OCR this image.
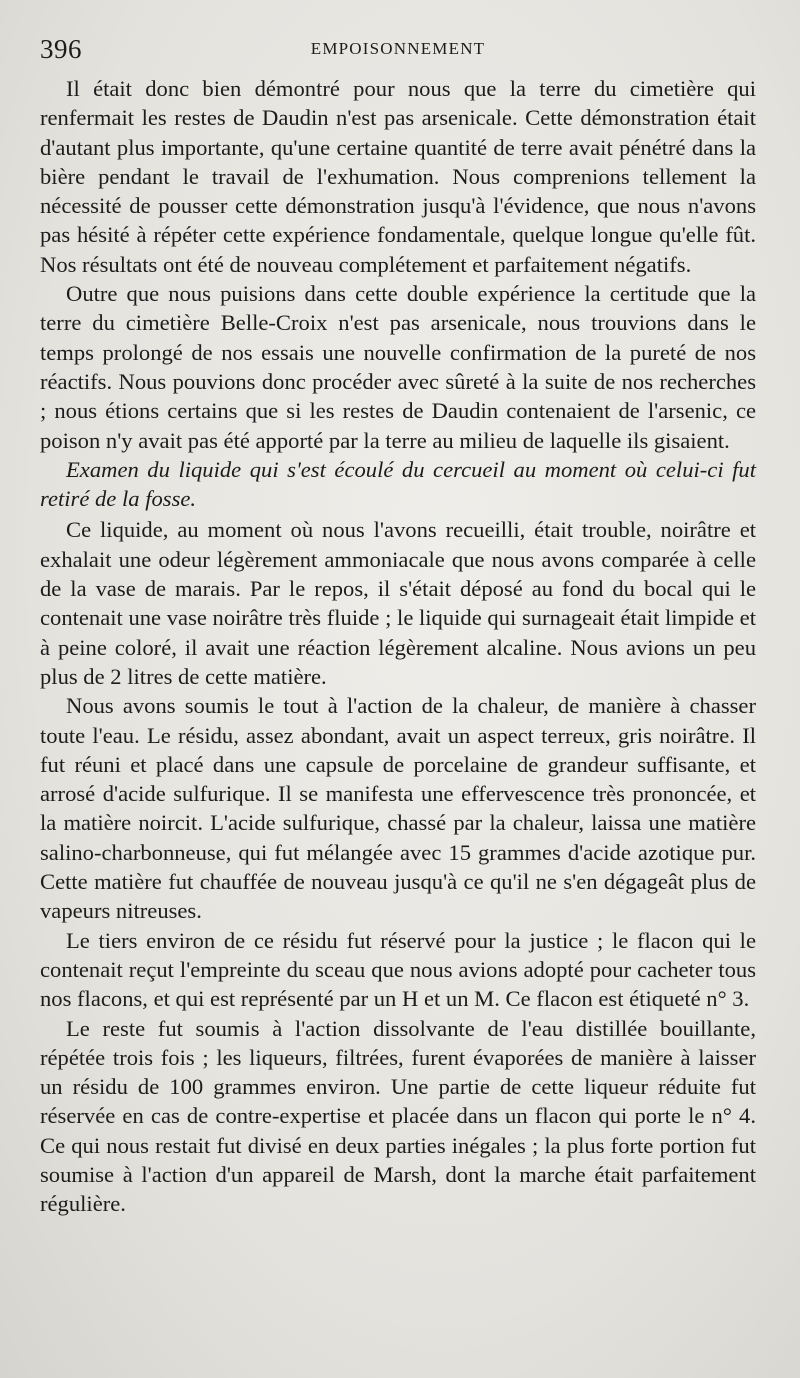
396	EMPOISONNEMENT

Il était donc bien démontré pour nous que la terre du cimetière qui renfermait les restes de Daudin n'est pas arsenicale. Cette démonstration était d'autant plus importante, qu'une certaine quantité de terre avait pénétré dans la bière pendant le travail de l'exhumation. Nous comprenions tellement la nécessité de pousser cette démonstration jusqu'à l'évidence, que nous n'avons pas hésité à répéter cette expérience fondamentale, quelque longue qu'elle fût. Nos résultats ont été de nouveau complétement et parfaitement négatifs.

Outre que nous puisions dans cette double expérience la certitude que la terre du cimetière Belle-Croix n'est pas arsenicale, nous trouvions dans le temps prolongé de nos essais une nouvelle confirmation de la pureté de nos réactifs. Nous pouvions donc procéder avec sûreté à la suite de nos recherches ; nous étions certains que si les restes de Daudin contenaient de l'arsenic, ce poison n'y avait pas été apporté par la terre au milieu de laquelle ils gisaient.

Examen du liquide qui s'est écoulé du cercueil au moment où celui-ci fut retiré de la fosse.

Ce liquide, au moment où nous l'avons recueilli, était trouble, noirâtre et exhalait une odeur légèrement ammoniacale que nous avons comparée à celle de la vase de marais. Par le repos, il s'était déposé au fond du bocal qui le contenait une vase noirâtre très fluide ; le liquide qui surnageait était limpide et à peine coloré, il avait une réaction légèrement alcaline. Nous avions un peu plus de 2 litres de cette matière.

Nous avons soumis le tout à l'action de la chaleur, de manière à chasser toute l'eau. Le résidu, assez abondant, avait un aspect terreux, gris noirâtre. Il fut réuni et placé dans une capsule de porcelaine de grandeur suffisante, et arrosé d'acide sulfurique. Il se manifesta une effervescence très prononcée, et la matière noircit. L'acide sulfurique, chassé par la chaleur, laissa une matière salino-charbonneuse, qui fut mélangée avec 15 grammes d'acide azotique pur. Cette matière fut chauffée de nouveau jusqu'à ce qu'il ne s'en dégageât plus de vapeurs nitreuses.

Le tiers environ de ce résidu fut réservé pour la justice ; le flacon qui le contenait reçut l'empreinte du sceau que nous avions adopté pour cacheter tous nos flacons, et qui est représenté par un H et un M. Ce flacon est étiqueté n° 3.

Le reste fut soumis à l'action dissolvante de l'eau distillée bouillante, répétée trois fois ; les liqueurs, filtrées, furent évaporées de manière à laisser un résidu de 100 grammes environ. Une partie de cette liqueur réduite fut réservée en cas de contre-expertise et placée dans un flacon qui porte le n° 4. Ce qui nous restait fut divisé en deux parties inégales ; la plus forte portion fut soumise à l'action d'un appareil de Marsh, dont la marche était parfaitement régulière.
